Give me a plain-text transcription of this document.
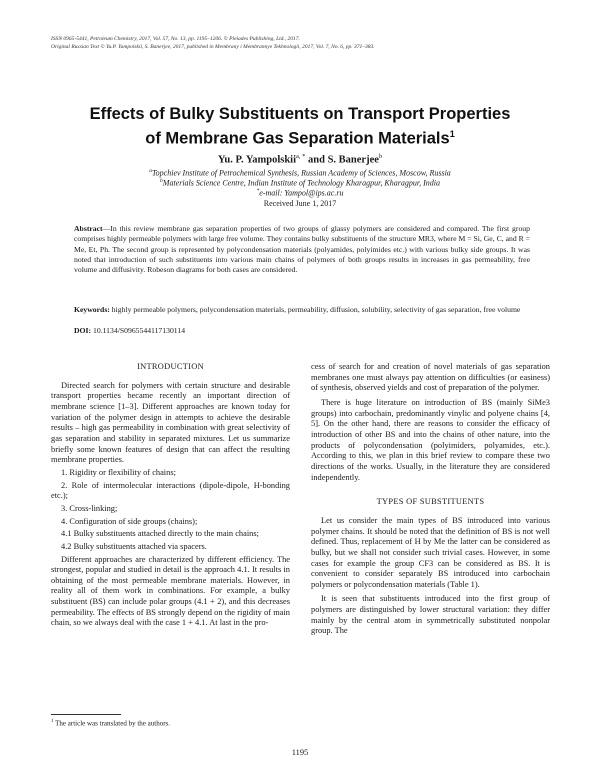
ISSN 0965-5441, Petroleum Chemistry, 2017, Vol. 57, No. 13, pp. 1195–1206. © Pleiades Publishing, Ltd., 2017.
Original Russian Text © Yu.P. Yampolskii, S. Banerjee, 2017, published in Membrany i Membrannye Tekhnologii, 2017, Vol. 7, No. 6, pp. 371–383.
Effects of Bulky Substituents on Transport Properties
of Membrane Gas Separation Materials$^1$
Yu. P. Yampolskii$^{a, *}$ and S. Banerjee$^b$
$^a$Topchiev Institute of Petrochemical Synthesis, Russian Academy of Sciences, Moscow, Russia
$^b$Materials Science Centre, Indian Institute of Technology Kharagpur, Kharagpur, India
*e-mail: Yampol@ips.ac.ru
Received June 1, 2017

Abstract—In this review membrane gas separation properties of two groups of glassy polymers are considered and compared. The first group comprises highly permeable polymers with large free volume. They contains bulky substituents of the structure MR3, where M = Si, Ge, C, and R = Me, Et, Ph. The second group is represented by polycondensation materials (polyamides, polyimides etc.) with various bulky side groups. It was noted that introduction of such substituents into various main chains of polymers of both groups results in increases in gas permeability, free volume and diffusivity. Robeson diagrams for both cases are considered.

Keywords: highly permeable polymers, polycondensation materials, permeability, diffusion, solubility, selectivity of gas separation, free volume

DOI: 10.1134/S0965544117130114

INTRODUCTION

Directed search for polymers with certain structure and desirable transport properties became recently an important direction of membrane science [1–3]. Different approaches are known today for variation of the polymer design in attempts to achieve the desirable results – high gas permeability in combination with great selectivity of gas separation and stability in separated mixtures. Let us summarize briefly some known features of design that can affect the resulting membrane properties.

1. Rigidity or flexibility of chains;

2. Role of intermolecular interactions (dipole-dipole, H-bonding etc.);

3. Cross-linking;

4. Configuration of side groups (chains);

4.1 Bulky substituents attached directly to the main chains;

4.2 Bulky substituents attached via spacers.

Different approaches are characterized by different efficiency. The strongest, popular and studied in detail is the approach 4.1. It results in obtaining of the most permeable membrane materials. However, in reality all of them work in combinations. For example, a bulky substituent (BS) can include polar groups (4.1 + 2), and this decreases permeability. The effects of BS strongly depend on the rigidity of main chain, so we always deal with the case 1 + 4.1. At last in the pro-

cess of search for and creation of novel materials of gas separation membranes one must always pay attention on difficulties (or easiness) of synthesis, observed yields and cost of preparation of the polymer.

There is huge literature on introduction of BS (mainly SiMe3 groups) into carbochain, predominantly vinylic and polyene chains [4, 5]. On the other hand, there are reasons to consider the efficacy of introduction of other BS and into the chains of other nature, into the products of polycondensation (polyimiders, polyamides, etc.). According to this, we plan in this brief review to compare these two directions of the works. Usually, in the literature they are considered independently.

TYPES OF SUBSTITUENTS

Let us consider the main types of BS introduced into various polymer chains. It should be noted that the definition of BS is not well defined. Thus, replacement of H by Me the latter can be considered as bulky, but we shall not consider such trivial cases. However, in some cases for example the group CF3 can be considered as BS. It is convenient to consider separately BS introduced into carbochain polymers or polycondensation materials (Table 1).

It is seen that substituents introduced into the first group of polymers are distinguished by lower structural variation: they differ mainly by the central atom in symmetrically substituted nonpolar group. The

$^1$ The article was translated by the authors.
1195
